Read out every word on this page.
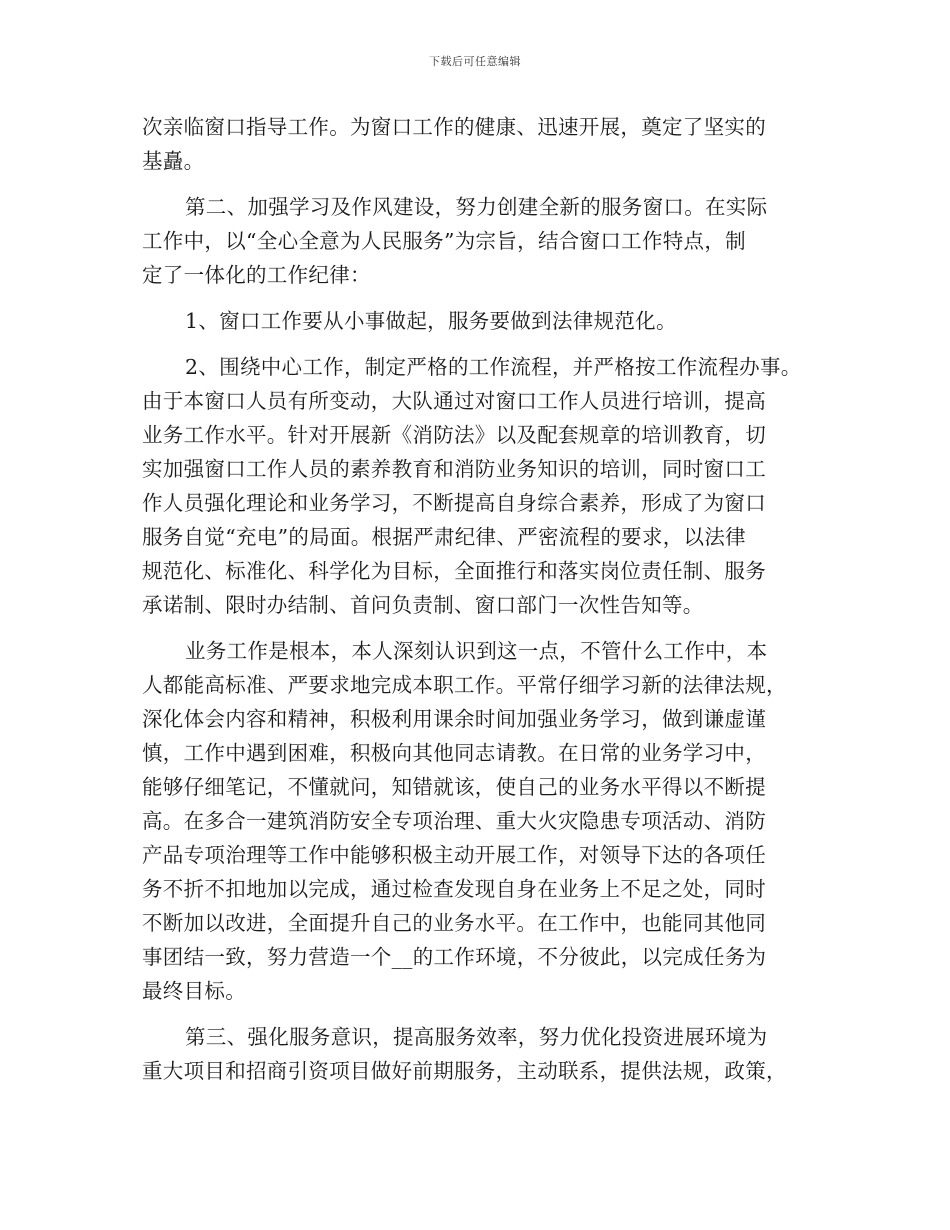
下载后可任意编辑
次亲临窗口指导工作。为窗口工作的健康、迅速开展，奠定了坚实的
基矗。
第二、加强学习及作风建设，努力创建全新的服务窗口。在实际
工作中，以“全心全意为人民服务”为宗旨，结合窗口工作特点，制
定了一体化的工作纪律：
1、窗口工作要从小事做起，服务要做到法律规范化。
2、围绕中心工作，制定严格的工作流程，并严格按工作流程办事。
由于本窗口人员有所变动，大队通过对窗口工作人员进行培训，提高
业务工作水平。针对开展新《消防法》以及配套规章的培训教育，切
实加强窗口工作人员的素养教育和消防业务知识的培训，同时窗口工
作人员强化理论和业务学习，不断提高自身综合素养，形成了为窗口
服务自觉“充电”的局面。根据严肃纪律、严密流程的要求，以法律
规范化、标准化、科学化为目标，全面推行和落实岗位责任制、服务
承诺制、限时办结制、首问负责制、窗口部门一次性告知等。
业务工作是根本，本人深刻认识到这一点，不管什么工作中，本
人都能高标准、严要求地完成本职工作。平常仔细学习新的法律法规，
深化体会内容和精神，积极利用课余时间加强业务学习，做到谦虚谨
慎，工作中遇到困难，积极向其他同志请教。在日常的业务学习中，
能够仔细笔记，不懂就问，知错就该，使自己的业务水平得以不断提
高。在多合一建筑消防安全专项治理、重大火灾隐患专项活动、消防
产品专项治理等工作中能够积极主动开展工作，对领导下达的各项任
务不折不扣地加以完成，通过检查发现自身在业务上不足之处，同时
不断加以改进，全面提升自己的业务水平。在工作中，也能同其他同
事团结一致，努力营造一个__的工作环境，不分彼此，以完成任务为
最终目标。
第三、强化服务意识，提高服务效率，努力优化投资进展环境为
重大项目和招商引资项目做好前期服务，主动联系，提供法规，政策，
